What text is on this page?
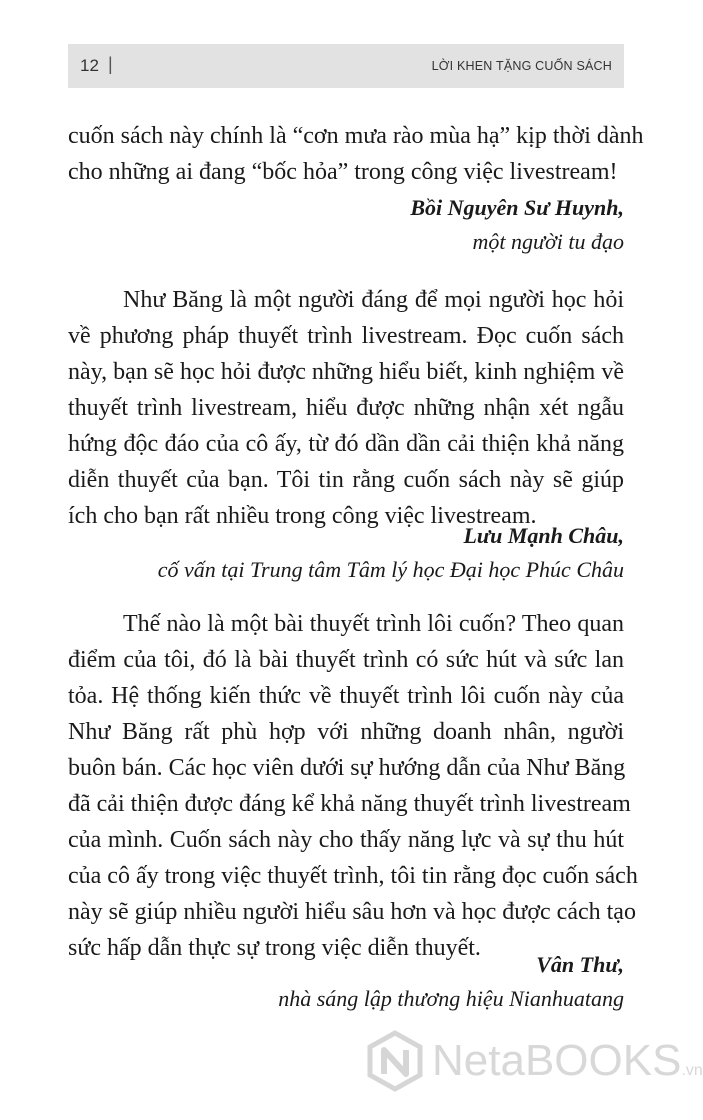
12 |	LỜI KHEN TẶNG CUỐN SÁCH
cuốn sách này chính là “cơn mưa rào mùa hạ” kịp thời dành
cho những ai đang “bốc hỏa” trong công việc livestream!
Bồi Nguyên Sư Huynh,
một người tu đạo
Như Băng là một người đáng để mọi người học hỏi
về phương pháp thuyết trình livestream. Đọc cuốn sách
này, bạn sẽ học hỏi được những hiểu biết, kinh nghiệm về
thuyết trình livestream, hiểu được những nhận xét ngẫu
hứng độc đáo của cô ấy, từ đó dần dần cải thiện khả năng
diễn thuyết của bạn. Tôi tin rằng cuốn sách này sẽ giúp
ích cho bạn rất nhiều trong công việc livestream.
Lưu Mạnh Châu,
cố vấn tại Trung tâm Tâm lý học Đại học Phúc Châu
Thế nào là một bài thuyết trình lôi cuốn? Theo quan
điểm của tôi, đó là bài thuyết trình có sức hút và sức lan
tỏa. Hệ thống kiến thức về thuyết trình lôi cuốn này của
Như Băng rất phù hợp với những doanh nhân, người
buôn bán. Các học viên dưới sự hướng dẫn của Như Băng
đã cải thiện được đáng kể khả năng thuyết trình livestream
của mình. Cuốn sách này cho thấy năng lực và sự thu hút
của cô ấy trong việc thuyết trình, tôi tin rằng đọc cuốn sách
này sẽ giúp nhiều người hiểu sâu hơn và học được cách tạo
sức hấp dẫn thực sự trong việc diễn thuyết.
Vân Thư,
nhà sáng lập thương hiệu Nianhuatang
NetaBOOKS.vn
